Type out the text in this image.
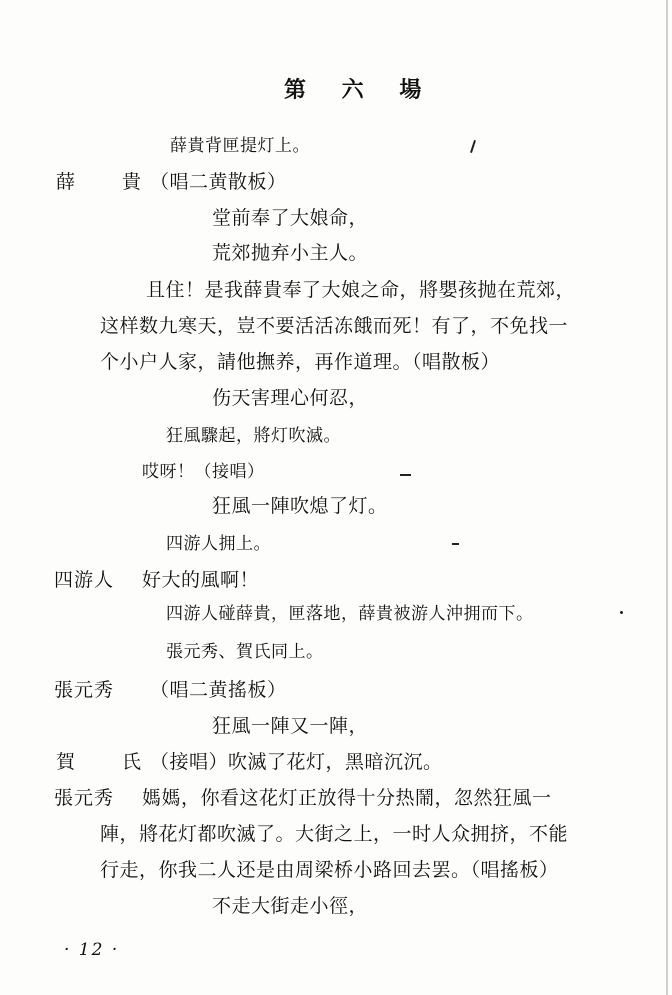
第 六 場
薛貴背匣提灯上。
薛　貴
（唱二黄散板）
堂前奉了大娘命，
荒郊抛弃小主人。
且住！是我薛貴奉了大娘之命，將嬰孩抛在荒郊，
这样数九寒天，豈不要活活冻餓而死！有了，不免找一
个小户人家，請他撫养，再作道理。（唱散板）
伤天害理心何忍，
狂風驟起，將灯吹滅。
哎呀！（接唱）
狂風一陣吹熄了灯。
四游人拥上。
四游人 好大的風啊！
四游人碰薛貴，匣落地，薛貴被游人沖拥而下。
張元秀、賀氏同上。
張元秀 （唱二黄搖板）
狂風一陣又一陣，
賀　氏
（接唱）吹滅了花灯，黑暗沉沉。
張元秀 媽媽，你看这花灯正放得十分热鬧，忽然狂風一
陣，將花灯都吹滅了。大街之上，一时人众拥挤，不能
行走，你我二人还是由周梁桥小路回去罢。（唱搖板）
不走大街走小徑，
· 12 ·
